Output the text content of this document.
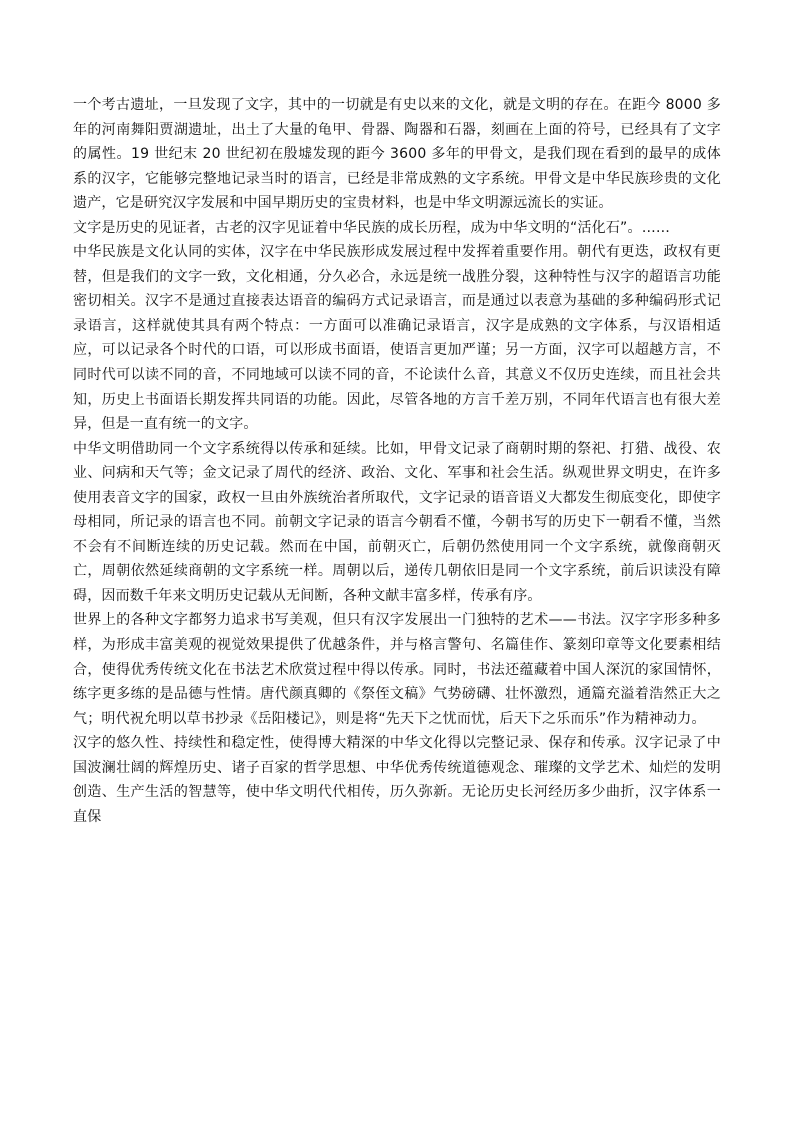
一个考古遗址，一旦发现了文字，其中的一切就是有史以来的文化，就是文明的存在。在距今 8000 多年的河南舞阳贾湖遗址，出土了大量的龟甲、骨器、陶器和石器，刻画在上面的符号，已经具有了文字的属性。19 世纪末 20 世纪初在殷墟发现的距今 3600 多年的甲骨文，是我们现在看到的最早的成体系的汉字，它能够完整地记录当时的语言，已经是非常成熟的文字系统。甲骨文是中华民族珍贵的文化遗产，它是研究汉字发展和中国早期历史的宝贵材料，也是中华文明源远流长的实证。

文字是历史的见证者，古老的汉字见证着中华民族的成长历程，成为中华文明的“活化石”。……

中华民族是文化认同的实体，汉字在中华民族形成发展过程中发挥着重要作用。朝代有更迭，政权有更替，但是我们的文字一致，文化相通，分久必合，永远是统一战胜分裂，这种特性与汉字的超语言功能密切相关。汉字不是通过直接表达语音的编码方式记录语言，而是通过以表意为基础的多种编码形式记录语言，这样就使其具有两个特点：一方面可以准确记录语言，汉字是成熟的文字体系，与汉语相适应，可以记录各个时代的口语，可以形成书面语，使语言更加严谨；另一方面，汉字可以超越方言，不同时代可以读不同的音，不同地域可以读不同的音，不论读什么音，其意义不仅历史连续，而且社会共知，历史上书面语长期发挥共同语的功能。因此，尽管各地的方言千差万别，不同年代语言也有很大差异，但是一直有统一的文字。

中华文明借助同一个文字系统得以传承和延续。比如，甲骨文记录了商朝时期的祭祀、打猎、战役、农业、问病和天气等；金文记录了周代的经济、政治、文化、军事和社会生活。纵观世界文明史，在许多使用表音文字的国家，政权一旦由外族统治者所取代，文字记录的语音语义大都发生彻底变化，即使字母相同，所记录的语言也不同。前朝文字记录的语言今朝看不懂，今朝书写的历史下一朝看不懂，当然不会有不间断连续的历史记载。然而在中国，前朝灭亡，后朝仍然使用同一个文字系统，就像商朝灭亡，周朝依然延续商朝的文字系统一样。周朝以后，递传几朝依旧是同一个文字系统，前后识读没有障碍，因而数千年来文明历史记载从无间断，各种文献丰富多样，传承有序。

世界上的各种文字都努力追求书写美观，但只有汉字发展出一门独特的艺术——书法。汉字字形多种多样，为形成丰富美观的视觉效果提供了优越条件，并与格言警句、名篇佳作、篆刻印章等文化要素相结合，使得优秀传统文化在书法艺术欣赏过程中得以传承。同时，书法还蕴藏着中国人深沉的家国情怀，练字更多练的是品德与性情。唐代颜真卿的《祭侄文稿》气势磅礴、壮怀激烈，通篇充溢着浩然正大之气；明代祝允明以草书抄录《岳阳楼记》，则是将“先天下之忧而忧，后天下之乐而乐”作为精神动力。

汉字的悠久性、持续性和稳定性，使得博大精深的中华文化得以完整记录、保存和传承。汉字记录了中国波澜壮阔的辉煌历史、诸子百家的哲学思想、中华优秀传统道德观念、璀璨的文学艺术、灿烂的发明创造、生产生活的智慧等，使中华文明代代相传，历久弥新。无论历史长河经历多少曲折，汉字体系一直保
